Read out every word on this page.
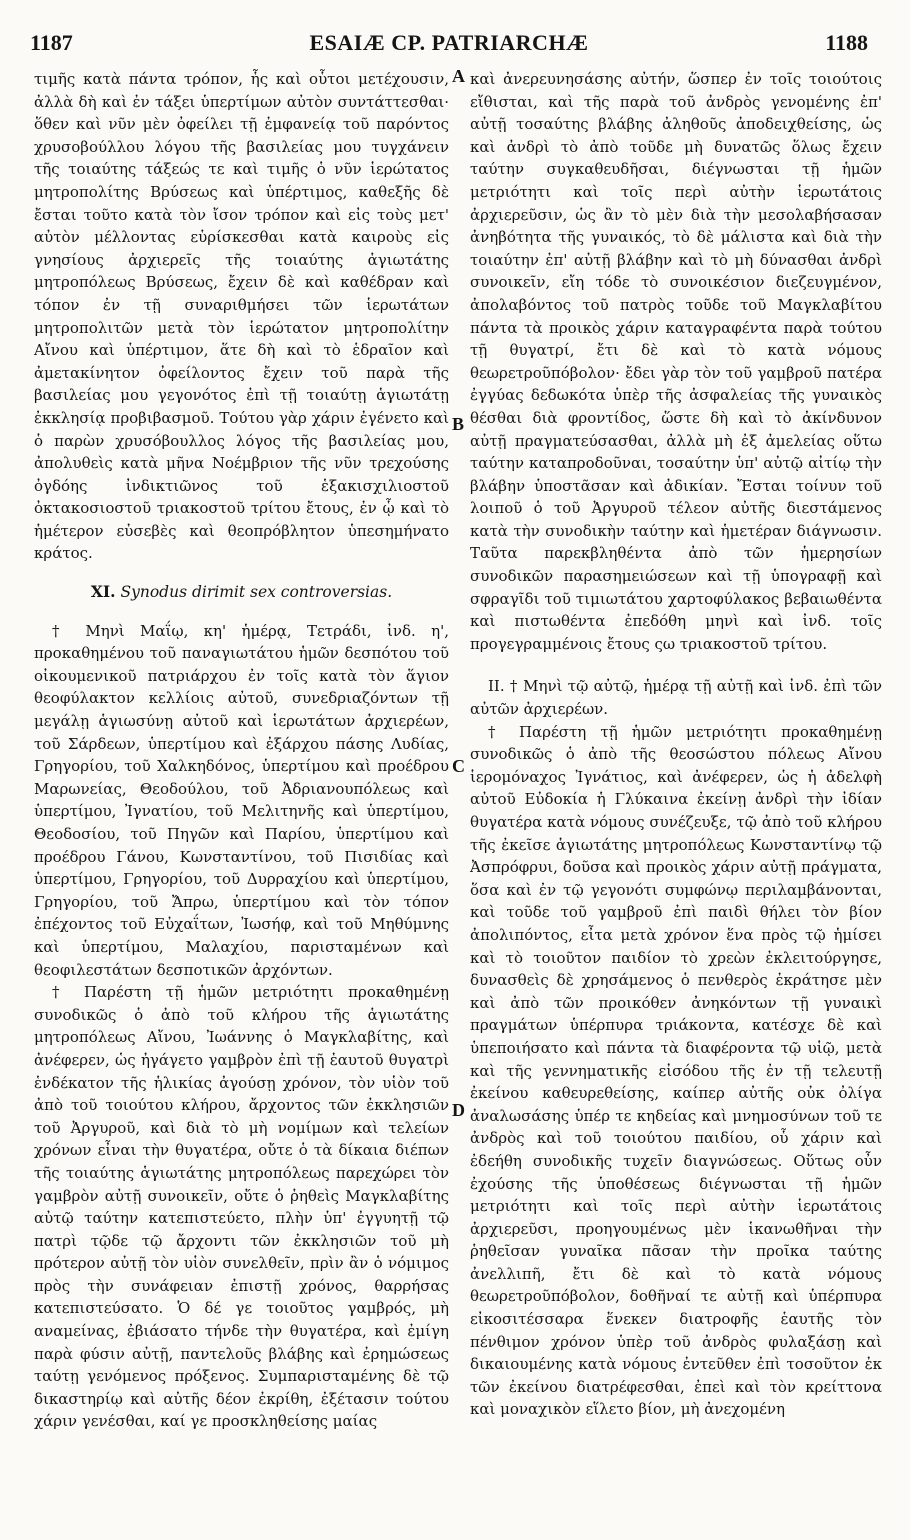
1187	ESAIÆ CP. PATRIARCHÆ	1188

τιμῆς κατὰ πάντα τρόπον, ἧς καὶ οὗτοι μετέχουσιν, ἀλλὰ δὴ καὶ ἐν τάξει ὑπερτίμων αὐτὸν συντάττεσθαι· ὅθεν καὶ νῦν μὲν ὀφείλει τῇ ἐμφανείᾳ τοῦ παρόντος χρυσοβούλλου λόγου τῆς βασιλείας μου τυγχάνειν τῆς τοιαύτης τάξεώς τε καὶ τιμῆς ὁ νῦν ἱερώτατος μητροπολίτης Βρύσεως καὶ ὑπέρτιμος, καθεξῆς δὲ ἔσται τοῦτο κατὰ τὸν ἴσον τρόπον καὶ εἰς τοὺς μετ' αὐτὸν μέλλοντας εὑρίσκεσθαι κατὰ καιροὺς εἰς γνησίους ἀρχιερεῖς τῆς τοιαύτης ἁγιωτάτης μητροπόλεως Βρύσεως, ἔχειν δὲ καὶ καθέδραν καὶ τόπον ἐν τῇ συναριθμήσει τῶν ἱερωτάτων μητροπολιτῶν μετὰ τὸν ἱερώτατον μητροπολίτην Αἴνου καὶ ὑπέρτιμον, ἅτε δὴ καὶ τὸ ἑδραῖον καὶ ἀμετακίνητον ὀφείλοντος ἔχειν τοῦ παρὰ τῆς βασιλείας μου γεγονότος ἐπὶ τῇ τοιαύτῃ ἁγιωτάτῃ ἐκκλησίᾳ προβιβασμοῦ. Τούτου γὰρ χάριν ἐγένετο καὶ ὁ παρὼν χρυσόβουλλος λόγος τῆς βασιλείας μου, ἀπολυθεὶς κατὰ μῆνα Νοέμβριον τῆς νῦν τρεχούσης ὀγδόης ἰνδικτιῶνος τοῦ ἑξακισχιλιοστοῦ ὀκτακοσιοστοῦ τριακοστοῦ τρίτου ἔτους, ἐν ᾧ καὶ τὸ ἡμέτερον εὐσεβὲς καὶ θεοπρόβλητον ὑπεσημήνατο κράτος.

XI. Synodus dirimit sex controversias.

† Μηνὶ Μαΐῳ, κη' ἡμέρᾳ, Τετράδι, ἰνδ. η', προκαθημένου τοῦ παναγιωτάτου ἡμῶν δεσπότου τοῦ οἰκουμενικοῦ πατριάρχου ἐν τοῖς κατὰ τὸν ἅγιον θεοφύλακτον κελλίοις αὐτοῦ, συνεδριαζόντων τῇ μεγάλῃ ἁγιωσύνῃ αὐτοῦ καὶ ἱερωτάτων ἀρχιερέων, τοῦ Σάρδεων, ὑπερτίμου καὶ ἐξάρχου πάσης Λυδίας, Γρηγορίου, τοῦ Χαλκηδόνος, ὑπερτίμου καὶ προέδρου Μαρωνείας, Θεοδούλου, τοῦ Ἀδριανουπόλεως καὶ ὑπερτίμου, Ἰγνατίου, τοῦ Μελιτηνῆς καὶ ὑπερτίμου, Θεοδοσίου, τοῦ Πηγῶν καὶ Παρίου, ὑπερτίμου καὶ προέδρου Γάνου, Κωνσταντίνου, τοῦ Πισιδίας καὶ ὑπερτίμου, Γρηγορίου, τοῦ Δυρραχίου καὶ ὑπερτίμου, Γρηγορίου, τοῦ Ἄπρω, ὑπερτίμου καὶ τὸν τόπον ἐπέχοντος τοῦ Εὐχαΐτων, Ἰωσήφ, καὶ τοῦ Μηθύμνης καὶ ὑπερτίμου, Μαλαχίου, παρισταμένων καὶ θεοφιλεστάτων δεσποτικῶν ἀρχόντων.

† Παρέστη τῇ ἡμῶν μετριότητι προκαθημένῃ συνοδικῶς ὁ ἀπὸ τοῦ κλήρου τῆς ἁγιωτάτης μητροπόλεως Αἴνου, Ἰωάννης ὁ Μαγκλαβίτης, καὶ ἀνέφερεν, ὡς ἠγάγετο γαμβρὸν ἐπὶ τῇ ἑαυτοῦ θυγατρὶ ἑνδέκατον τῆς ἡλικίας ἀγούσῃ χρόνον, τὸν υἱὸν τοῦ ἀπὸ τοῦ τοιούτου κλήρου, ἄρχοντος τῶν ἐκκλησιῶν τοῦ Ἀργυροῦ, καὶ διὰ τὸ μὴ νομίμων καὶ τελείων χρόνων εἶναι τὴν θυγατέρα, οὔτε ὁ τὰ δίκαια διέπων τῆς τοιαύτης ἁγιωτάτης μητροπόλεως παρεχώρει τὸν γαμβρὸν αὐτῇ συνοικεῖν, οὔτε ὁ ῥηθεὶς Μαγκλαβίτης αὐτῷ ταύτην κατεπιστεύετο, πλὴν ὑπ' ἐγγυητῇ τῷ πατρὶ τῷδε τῷ ἄρχοντι τῶν ἐκκλησιῶν τοῦ μὴ πρότερον αὐτῇ τὸν υἱὸν συνελθεῖν, πρὶν ἂν ὁ νόμιμος πρὸς τὴν συνάφειαν ἐπιστῇ χρόνος, θαρρήσας κατεπιστεύσατο. Ὁ δέ γε τοιοῦτος γαμβρός, μὴ αναμείνας, ἐβιάσατο τήνδε τὴν θυγατέρα, καὶ ἐμίγη παρὰ φύσιν αὐτῇ, παντελοῦς βλάβης καὶ ἐρημώσεως ταύτῃ γενόμενος πρόξενος. Συμπαρισταμένης δὲ τῷ δικαστηρίῳ καὶ αὐτῆς δέον ἐκρίθη, ἐξέτασιν τούτου χάριν γενέσθαι, καί γε προσκληθείσης μαίας

A
B
C
D

καὶ ἀνερευνησάσης αὐτήν, ὥσπερ ἐν τοῖς τοιούτοις εἴθισται, καὶ τῆς παρὰ τοῦ ἀνδρὸς γενομένης ἐπ' αὐτῇ τοσαύτης βλάβης ἀληθοῦς ἀποδειχθείσης, ὡς καὶ ἀνδρὶ τὸ ἀπὸ τοῦδε μὴ δυνατῶς ὅλως ἔχειν ταύτην συγκαθευδῆσαι, διέγνωσται τῇ ἡμῶν μετριότητι καὶ τοῖς περὶ αὐτὴν ἱερωτάτοις ἀρχιερεῦσιν, ὡς ἂν τὸ μὲν διὰ τὴν μεσολαβήσασαν ἀνηβότητα τῆς γυναικός, τὸ δὲ μάλιστα καὶ διὰ τὴν τοιαύτην ἐπ' αὐτῇ βλάβην καὶ τὸ μὴ δύνασθαι ἀνδρὶ συνοικεῖν, εἴη τόδε τὸ συνοικέσιον διεζευγμένον, ἀπολαβόντος τοῦ πατρὸς τοῦδε τοῦ Μαγκλαβίτου πάντα τὰ προικὸς χάριν καταγραφέντα παρὰ τούτου τῇ θυγατρί, ἔτι δὲ καὶ τὸ κατὰ νόμους θεωρετροῦπόβολον· ἔδει γὰρ τὸν τοῦ γαμβροῦ πατέρα ἐγγύας δεδωκότα ὑπὲρ τῆς ἀσφαλείας τῆς γυναικὸς θέσθαι διὰ φροντίδος, ὥστε δὴ καὶ τὸ ἀκίνδυνον αὐτῇ πραγματεύσασθαι, ἀλλὰ μὴ ἐξ ἀμελείας οὕτω ταύτην καταπροδοῦναι, τοσαύτην ὑπ' αὐτῷ αἰτίῳ τὴν βλάβην ὑποστᾶσαν καὶ ἀδικίαν. Ἔσται τοίνυν τοῦ λοιποῦ ὁ τοῦ Ἀργυροῦ τέλεον αὐτῆς διεστάμενος κατὰ τὴν συνοδικὴν ταύτην καὶ ἡμετέραν διάγνωσιν. Ταῦτα παρεκβληθέντα ἀπὸ τῶν ἡμερησίων συνοδικῶν παρασημειώσεων καὶ τῇ ὑπογραφῇ καὶ σφραγῖδι τοῦ τιμιωτάτου χαρτοφύλακος βεβαιωθέντα καὶ πιστωθέντα ἐπεδόθη μηνὶ καὶ ἰνδ. τοῖς προγεγραμμένοις ἔτους ςω τριακοστοῦ τρίτου.

II. † Μηνὶ τῷ αὐτῷ, ἡμέρᾳ τῇ αὐτῇ καὶ ἰνδ. ἐπὶ τῶν αὐτῶν ἀρχιερέων.

† Παρέστη τῇ ἡμῶν μετριότητι προκαθημένῃ συνοδικῶς ὁ ἀπὸ τῆς θεοσώστου πόλεως Αἴνου ἱερομόναχος Ἰγνάτιος, καὶ ἀνέφερεν, ὡς ἡ ἀδελφὴ αὐτοῦ Εὐδοκία ἡ Γλύκαινα ἐκείνῃ ἀνδρὶ τὴν ἰδίαν θυγατέρα κατὰ νόμους συνέζευξε, τῷ ἀπὸ τοῦ κλήρου τῆς ἐκεῖσε ἁγιωτάτης μητροπόλεως Κωνσταντίνῳ τῷ Ἀσπρόφρυι, δοῦσα καὶ προικὸς χάριν αὐτῇ πράγματα, ὅσα καὶ ἐν τῷ γεγονότι συμφώνῳ περιλαμβάνονται, καὶ τοῦδε τοῦ γαμβροῦ ἐπὶ παιδὶ θήλει τὸν βίον ἀπολιπόντος, εἶτα μετὰ χρόνον ἕνα πρὸς τῷ ἡμίσει καὶ τὸ τοιοῦτον παιδίον τὸ χρεὼν ἐκλειτούργησε, δυνασθεὶς δὲ χρησάμενος ὁ πενθερὸς ἐκράτησε μὲν καὶ ἀπὸ τῶν προικόθεν ἀνηκόντων τῇ γυναικὶ πραγμάτων ὑπέρπυρα τριάκοντα, κατέσχε δὲ καὶ ὑπεποιήσατο καὶ πάντα τὰ διαφέροντα τῷ υἱῷ, μετὰ καὶ τῆς γεννηματικῆς εἰσόδου τῆς ἐν τῇ τελευτῇ ἐκείνου καθευρεθείσης, καίπερ αὐτῆς οὐκ ὀλίγα ἀναλωσάσης ὑπέρ τε κηδείας καὶ μνημοσύνων τοῦ τε ἀνδρὸς καὶ τοῦ τοιούτου παιδίου, οὗ χάριν καὶ ἐδεήθη συνοδικῆς τυχεῖν διαγνώσεως. Οὕτως οὖν ἐχούσης τῆς ὑποθέσεως διέγνωσται τῇ ἡμῶν μετριότητι καὶ τοῖς περὶ αὐτὴν ἱερωτάτοις ἀρχιερεῦσι, προηγουμένως μὲν ἱκανωθῆναι τὴν ῥηθεῖσαν γυναῖκα πᾶσαν τὴν προῖκα ταύτης ἀνελλιπῆ, ἔτι δὲ καὶ τὸ κατὰ νόμους θεωρετροῦπόβολον, δοθῆναί τε αὐτῇ καὶ ὑπέρπυρα εἰκοσιτέσσαρα ἕνεκεν διατροφῆς ἑαυτῆς τὸν πένθιμον χρόνον ὑπὲρ τοῦ ἀνδρὸς φυλαξάσῃ καὶ δικαιουμένης κατὰ νόμους ἐντεῦθεν ἐπὶ τοσοῦτον ἐκ τῶν ἐκείνου διατρέφεσθαι, ἐπεὶ καὶ τὸν κρείττονα καὶ μοναχικὸν εἵλετο βίον, μὴ ἀνεχομένη
